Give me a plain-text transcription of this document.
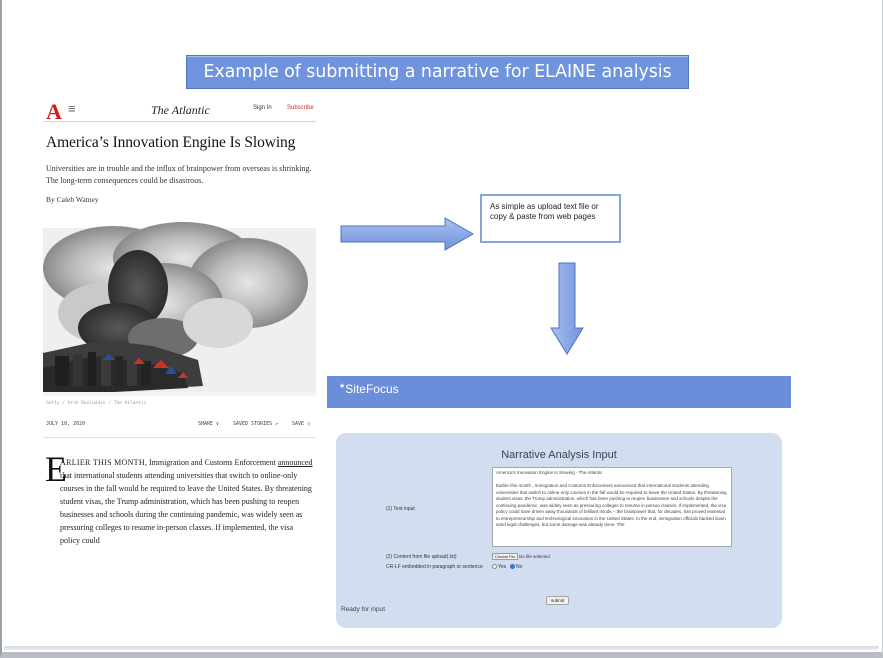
Example of submitting a narrative for ELAINE analysis
A ≡	The Atlantic	Sign In	Subscribe
America’s Innovation Engine Is Slowing
Universities are in trouble and the influx of brainpower from overseas is shrinking. The long-term consequences could be disastrous.
By Caleb Watney
Getty / Arsh Raziuddin / The Atlantic
JULY 10, 2020	SHARE ∨	SAVED STORIES ↗	SAVE ▯
E
ARLIER THIS MONTH, Immigration and Customs Enforcement announced
that international students attending universities that switch to online-only courses in the fall would be required to leave the United States. By threatening student visas, the Trump administration, which has been pushing to reopen businesses and schools during the continuing pandemic, was widely seen as pressuring colleges to resume in-person classes. If implemented, the visa policy could
As simple as upload text file or copy & paste from web pages
★SiteFocus
Narrative Analysis Input
(1) Text input
America’s Innovation Engine Is Slowing - The Atlantic

Earlier this month , Immigration and Customs Enforcement announced that international students attending universities that switch to online-only courses in the fall would be required to leave the United States. By threatening student visas, the Trump administration, which has been pushing to reopen businesses and schools despite the continuing pandemic, was widely seen as pressuring colleges to resume in-person classes. If implemented, the visa policy could have driven away thousands of brilliant minds – the brainpower that, for decades, has proved essential to entrepreneurship and technological innovation in the United States. In the end, immigration officials backed down amid legal challenges, but some damage was already done. The
(2) Content from file upload(.txt)	Choose File No file selected
CR-LF embedded in paragraph or sentence	Yes No
submit
Ready for input
